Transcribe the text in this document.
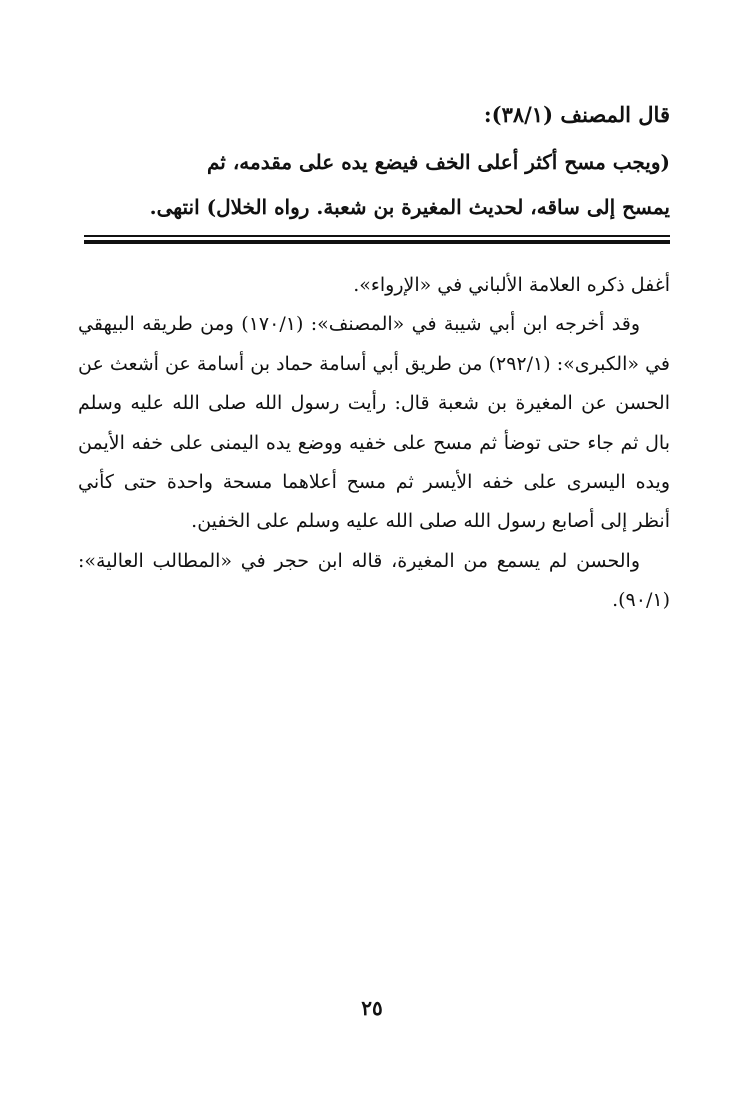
قال المصنف (٣٨/١):

(ويجب مسح أكثر أعلى الخف فيضع يده على مقدمه، ثم

يمسح إلى ساقه، لحديث المغيرة بن شعبة. رواه الخلال) انتهى.

أغفل ذكره العلامة الألباني في «الإرواء».

وقد أخرجه ابن أبي شيبة في «المصنف»: (١٧٠/١) ومن طريقه البيهقي في «الكبرى»: (٢٩٢/١) من طريق أبي أسامة حماد بن أسامة عن أشعث عن الحسن عن المغيرة بن شعبة قال: رأيت رسول الله صلى الله عليه وسلم بال ثم جاء حتى توضأ ثم مسح على خفيه ووضع يده اليمنى على خفه الأيمن ويده اليسرى على خفه الأيسر ثم مسح أعلاهما مسحة واحدة حتى كأني أنظر إلى أصابع رسول الله صلى الله عليه وسلم على الخفين.

والحسن لم يسمع من المغيرة، قاله ابن حجر في «المطالب العالية»: (٩٠/١).

٢٥
